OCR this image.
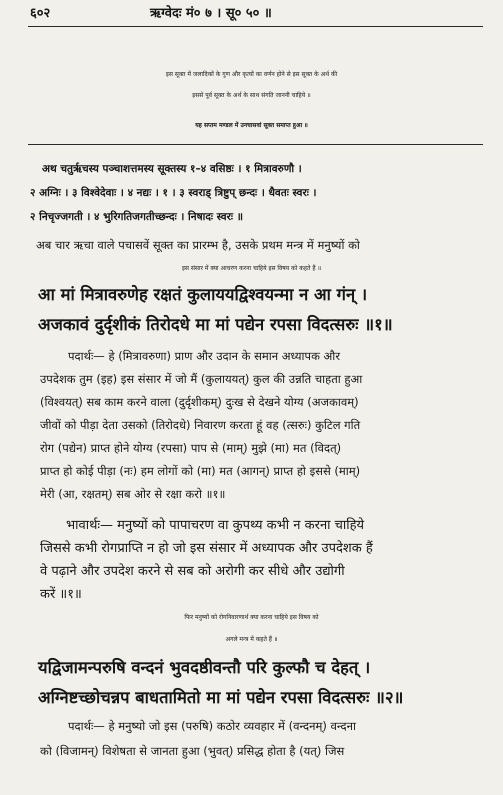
६०२	ऋग्वेदः मं० ७ । सू० ५० ॥
इस सूक्त में जलादिकों के गुण और कृत्यों का वर्णन होने से इस सूक्त के अर्थ की
इससे पूर्व सूक्त के अर्थ के साथ संगति जाननी चाहिये ॥
यह सप्तम मण्डल में उनचासवां सूक्त समाप्त हुआ ॥
अथ चतुर्ऋचस्य पञ्चाशत्तमस्य सूक्तस्य १–४ वसिष्ठः । १ मित्रावरुणौ ।
२ अग्निः । ३ विश्वेदेवाः । ४ नद्यः । १ । ३ स्वराड् त्रिष्टुप् छन्दः । धैवतः स्वरः ।
२ निचृज्जगती । ४ भुरिगतिजगतीच्छन्दः । निषादः स्वरः ॥
अब चार ऋचा वाले पचासवें सूक्त का प्रारम्भ है, उसके प्रथम मन्त्र में मनुष्यों को
इस संसार में क्या आचरण करना चाहिये इस विषय को कहते हैं ॥
आ मां मित्रावरुणेह रक्षतं कुलाययद्विश्वयन्मा न आ गंन् ।
अजकावं दुर्दृशीकं तिरोदधे मा मां पद्येन रपसा विदत्सरुः ॥१॥
पदार्थः— हे (मित्रावरुणा) प्राण और उदान के समान अध्यापक और
उपदेशक तुम (इह) इस संसार में जो मैं (कुलाययत्) कुल की उन्नति चाहता हुआ
(विश्वयत्) सब काम करने वाला (दुर्दृशीकम्) दुःख से देखने योग्य (अजकावम्)
जीवों को पीड़ा देता उसको (तिरोदधे) निवारण करता हूं वह (त्सरुः) कुटिल गति
रोग (पद्येन) प्राप्त होने योग्य (रपसा) पाप से (माम्) मुझे (मा) मत (विदत्)
प्राप्त हो कोई पीड़ा (नः) हम लोगों को (मा) मत (आगन्) प्राप्त हो इससे (माम्)
मेरी (आ, रक्षतम्) सब ओर से रक्षा करो ॥१॥
भावार्थः— मनुष्यों को पापाचरण वा कुपथ्य कभी न करना चाहिये
जिससे कभी रोगप्राप्ति न हो जो इस संसार में अध्यापक और उपदेशक हैं
वे पढ़ाने और उपदेश करने से सब को अरोगी कर सीधे और उद्योगी
करें ॥१॥
फिर मनुष्यों को रोगनिवारणार्थ क्या करना चाहिये इस विषय को
अगले मन्त्र में कहते हैं ॥
यद्विजामन्परुषि वन्दनं भुवदष्ठीवन्तौ परि कुल्फौ च देहत् ।
अग्निष्टच्छोचन्नप बाधतामितो मा मां पद्येन रपसा विदत्सरुः ॥२॥
पदार्थः— हे मनुष्यो जो इस (परुषि) कठोर व्यवहार में (वन्दनम्) वन्दना
को (विजामन्) विशेषता से जानता हुआ (भुवत्) प्रसिद्ध होता है (यत्) जिस
